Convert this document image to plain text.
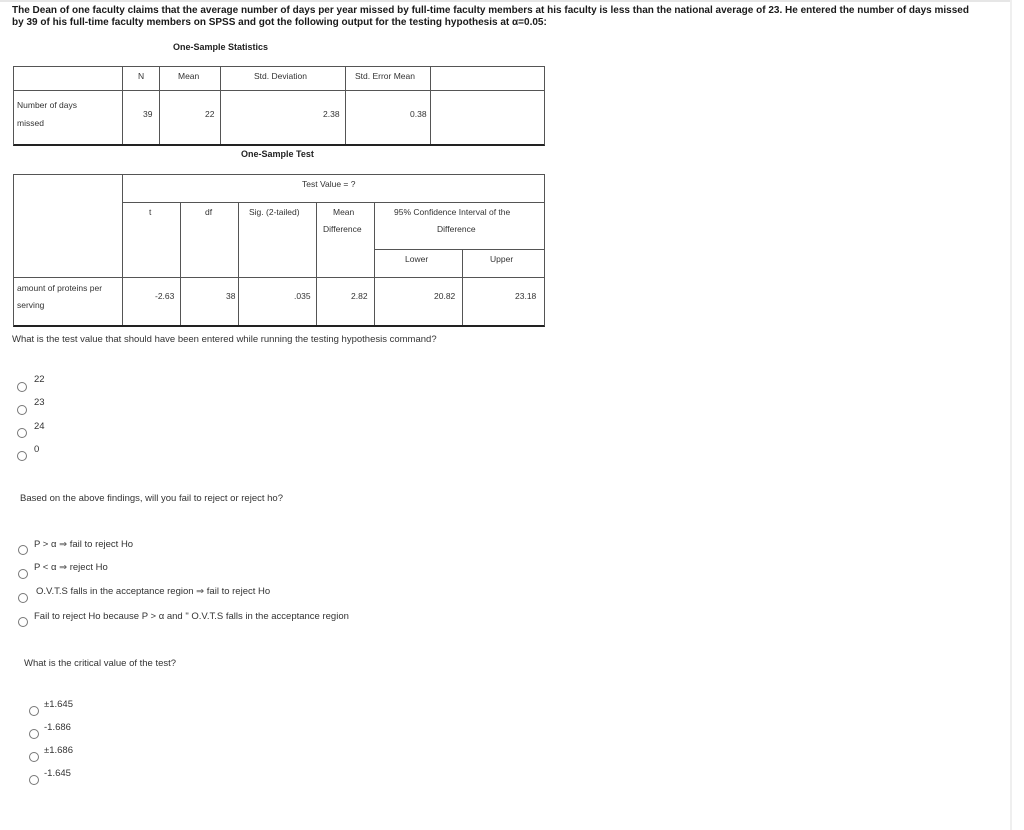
The Dean of one faculty claims that the average number of days per year missed by full-time faculty members at his faculty is less than the national average of 23. He entered the number of days missed by 39 of his full-time faculty members on SPSS and got the following output for the testing hypothesis at α=0.05:
One-Sample Statistics
N	Mean	Std. Deviation	Std. Error Mean
Number of days
missed
39	22	2.38	0.38
One-Sample Test
Test Value = ?
t	df	Sig. (2-tailed)	Mean
Difference
95% Confidence Interval of the
Difference
Lower	Upper
amount of proteins per
serving
-2.63	38	.035	2.82	20.82	23.18
What is the test value that should have been entered while running the testing hypothesis command?
22
23
24
0
Based on the above findings, will you fail to reject or reject ho?
P > α ⇒ fail to reject Ho
P < α ⇒ reject Ho
O.V.T.S falls in the acceptance region ⇒ fail to reject Ho
Fail to reject Ho because P > α and " O.V.T.S falls in the acceptance region
What is the critical value of the test?
±1.645
-1.686
±1.686
-1.645
